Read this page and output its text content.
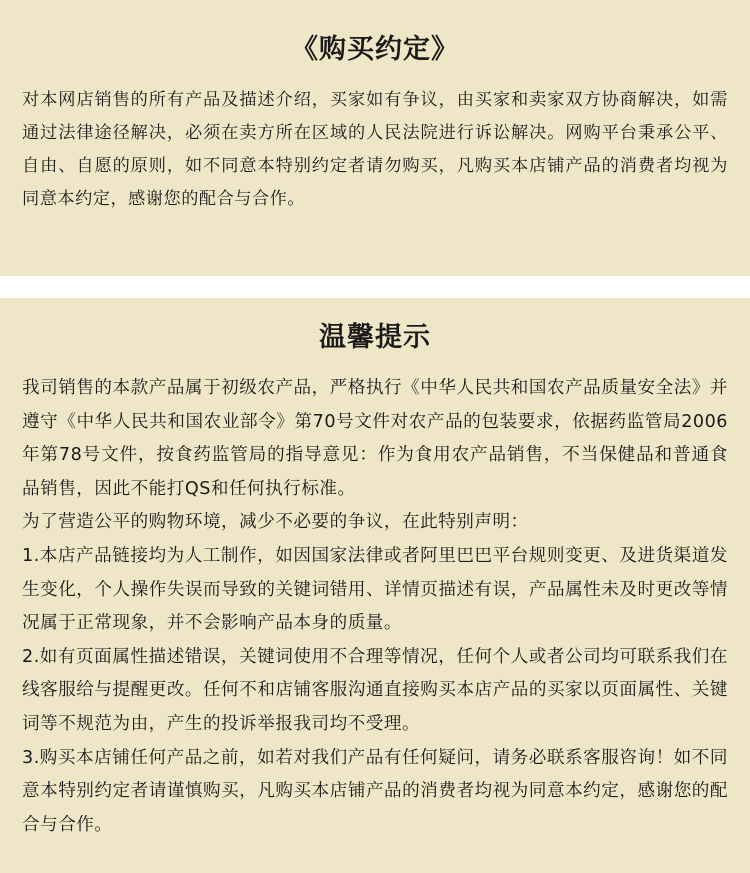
《购买约定》

对本网店销售的所有产品及描述介绍，买家如有争议，由买家和卖家双方协商解决，如需通过法律途径解决，必须在卖方所在区域的人民法院进行诉讼解决。网购平台秉承公平、自由、自愿的原则，如不同意本特别约定者请勿购买，凡购买本店铺产品的消费者均视为同意本约定，感谢您的配合与合作。

温馨提示

我司销售的本款产品属于初级农产品，严格执行《中华人民共和国农产品质量安全法》并遵守《中华人民共和国农业部令》第70号文件对农产品的包装要求，依据药监管局2006年第78号文件，按食药监管局的指导意见：作为食用农产品销售，不当保健品和普通食品销售，因此不能打QS和任何执行标准。

为了营造公平的购物环境，减少不必要的争议，在此特别声明：

1.本店产品链接均为人工制作，如因国家法律或者阿里巴巴平台规则变更、及进货渠道发生变化，个人操作失误而导致的关键词错用、详情页描述有误，产品属性未及时更改等情况属于正常现象，并不会影响产品本身的质量。

2.如有页面属性描述错误，关键词使用不合理等情况，任何个人或者公司均可联系我们在线客服给与提醒更改。任何不和店铺客服沟通直接购买本店产品的买家以页面属性、关键词等不规范为由，产生的投诉举报我司均不受理。

3.购买本店铺任何产品之前，如若对我们产品有任何疑问，请务必联系客服咨询！如不同意本特别约定者请谨慎购买，凡购买本店铺产品的消费者均视为同意本约定，感谢您的配合与合作。
